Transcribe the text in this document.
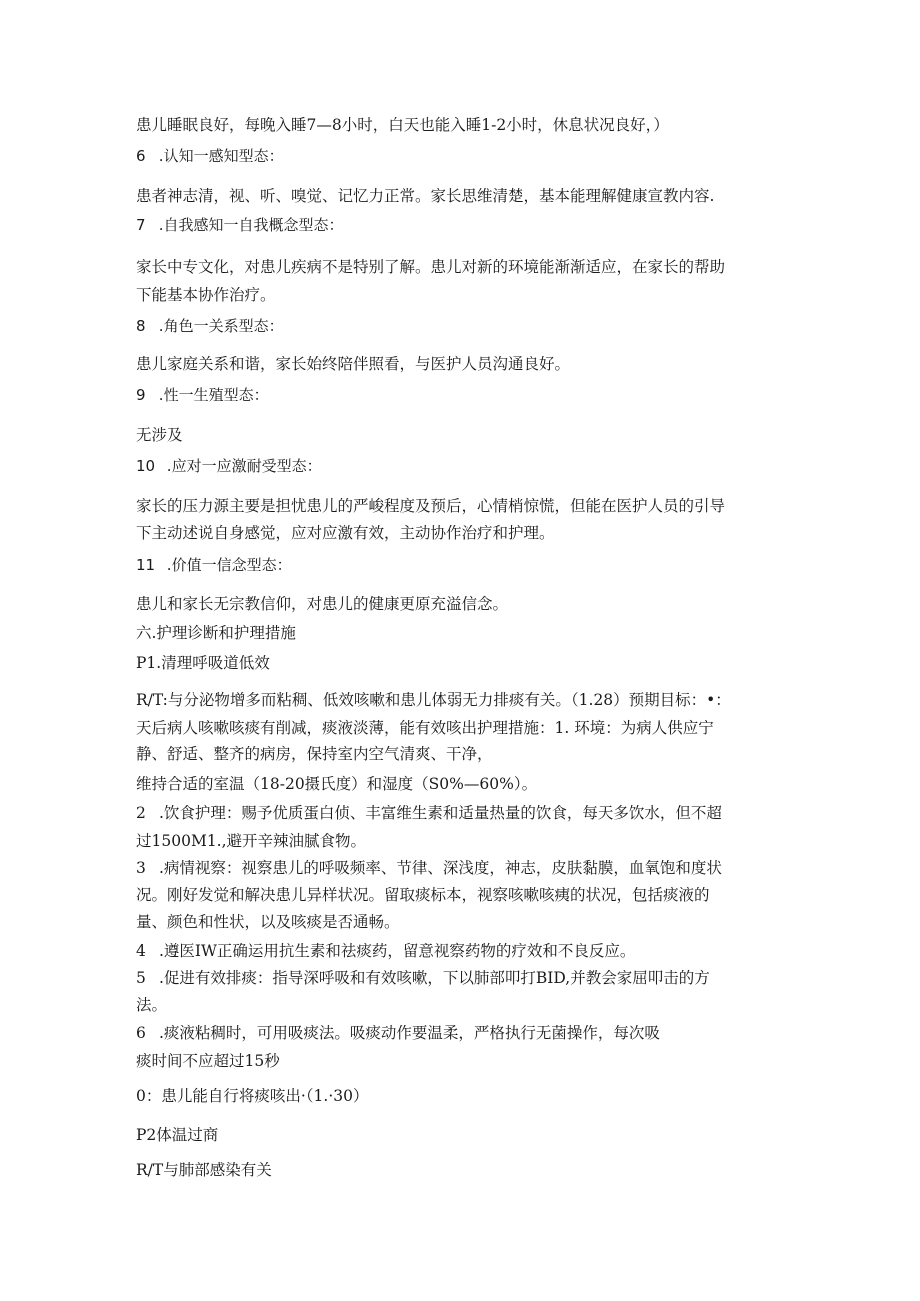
患儿睡眠良好，每晚入睡7—8小时，白天也能入睡1-2小时，休息状况良好，）
6 .认知一感知型态：
患者神志清，视、听、嗅觉、记忆力正常。家长思维清楚，基本能理解健康宣教内容.
7 .自我感知一自我概念型态：
家长中专文化，对患儿疾病不是特别了解。患儿对新的环境能渐渐适应，在家长的帮助
下能基本协作治疗。
8 .角色一关系型态：
患儿家庭关系和谐，家长始终陪伴照看，与医护人员沟通良好。
9 .性一生殖型态：
无涉及
10 .应对一应激耐受型态：
家长的压力源主要是担忧患儿的严峻程度及预后，心情梢惊慌，但能在医护人员的引导
下主动述说自身感觉，应对应激有效，主动协作治疗和护理。
11 .价值一信念型态：
患儿和家长无宗教信仰，对患儿的健康更原充溢信念。
六.护理诊断和护理措施
P1.清理呼吸道低效
R/T:与分泌物增多而粘稠、低效咳嗽和患儿体弱无力排痰有关。（1.28）预期目标：•：
天后病人咳嗽咳痰有削减，痰液淡薄，能有效咳出护理措施：1. 环境：为病人供应宁
静、舒适、整齐的病房，保持室内空气清爽、干净，
维持合适的室温（18-20摄氏度）和湿度（S0%—60%）。
2 .饮食护理：赐予优质蛋白侦、丰富维生素和适量热量的饮食，每天多饮水，但不超
过1500M1.,避开辛辣油腻食物。
3 .病情视察：视察患儿的呼吸频率、节律、深浅度，神志，皮肤黏膜，血氧饱和度状
况。刚好发觉和解决患儿异样状况。留取痰标本，视察咳嗽咳痍的状况，包括痰液的
量、颜色和性状，以及咳痰是否通畅。
4 .遵医IW正确运用抗生素和祛痰药，留意视察药物的疗效和不良反应。
5 .促进有效排痰：指导深呼吸和有效咳嗽，下以肺部叩打BID,并教会家屈叩击的方
法。
6 .痰液粘稠时，可用吸痰法。吸痰动作要温柔，严格执行无菌操作，每次吸
痰时间不应超过15秒
0：患儿能自行将痰咳出·（1.·30）
P2体温过商
R/T与肺部感染有关
